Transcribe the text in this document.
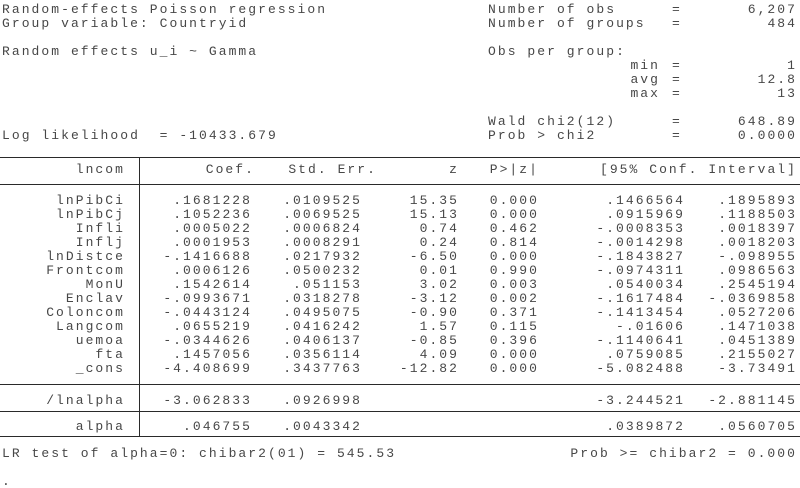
Random-effects Poisson regression
Group variable: Countryid
Random effects u_i ~ Gamma
Log likelihood  = -10433.679
Number of obs	=	6,207
Number of groups =	484
Obs per group:
min =	1
avg =	12.8
max =	13
Wald chi2(12)	=	648.89
Prob > chi2	=	0.0000
lncom	Coef.	Std. Err.	z P>|z|	[95% Conf. Interval]
lnPibCi	.1681228 .0109525	15.35 0.000	.1466564	.1895893
lnPibCj	.1052236 .0069525	15.13 0.000	.0915969	.1188503
Infli	.0005022 .0006824	0.74 0.462	-.0008353	.0018397
Inflj	.0001953 .0008291	0.24 0.814	-.0014298	.0018203
lnDistce	-.1416688 .0217932	-6.50 0.000	-.1843827	-.098955
Frontcom	.0006126 .0500232	0.01 0.990	-.0974311	.0986563
MonU	.1542614	.051153	3.02 0.003	.0540034	.2545194
Enclav	-.0993671 .0318278	-3.12 0.002	-.1617484 -.0369858
Coloncom	-.0443124 .0495075	-0.90 0.371	-.1413454	.0527206
Langcom	.0655219 .0416242	1.57 0.115	-.01606	.1471038
uemoa	-.0344626 .0406137	-0.85 0.396	-.1140641	.0451389
fta	.1457056 .0356114	4.09 0.000	.0759085	.2155027
_cons	-4.408699 .3437763	-12.82 0.000	-5.082488	-3.73491
/lnalpha	-3.062833 .0926998	-3.244521 -2.881145
alpha	.046755 .0043342	.0389872	.0560705
LR test of alpha=0: chibar2(01) = 545.53	Prob >= chibar2 = 0.000
.
